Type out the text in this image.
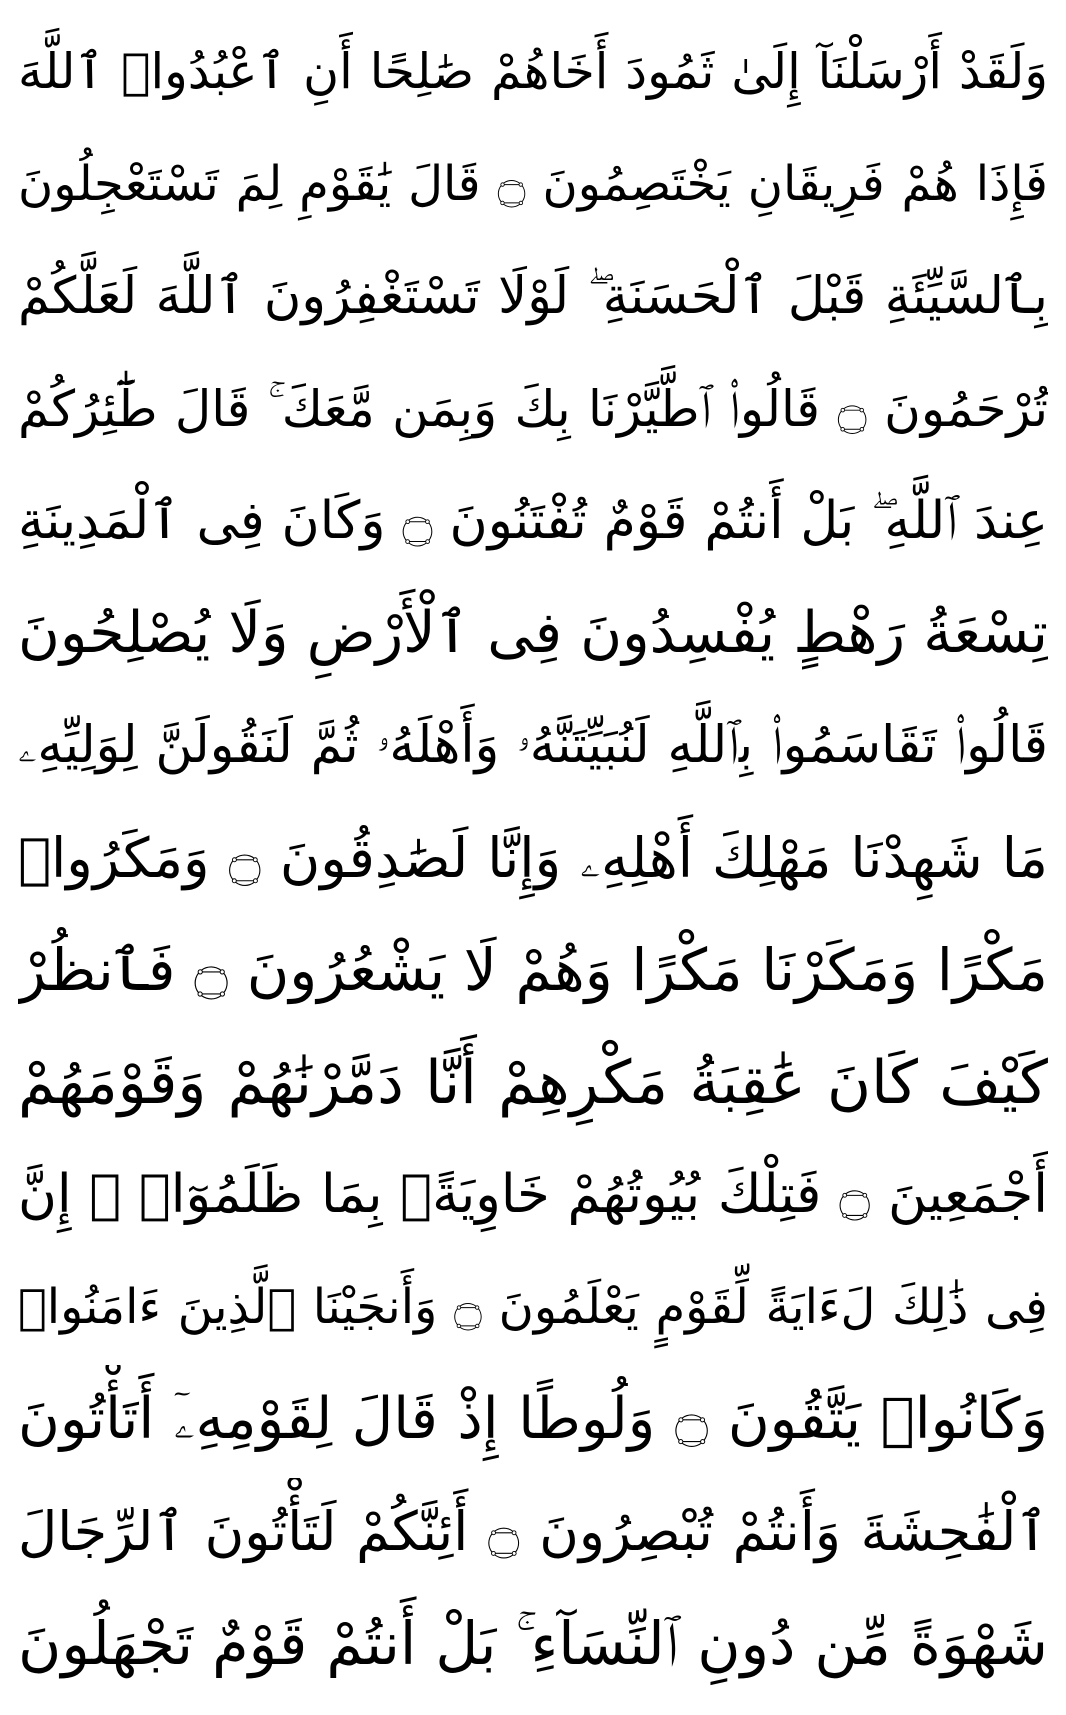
وَلَقَدْ أَرْسَلْنَآ إِلَىٰ ثَمُودَ أَخَاهُمْ صَٰلِحًا أَنِ ٱعْبُدُوا۟ ٱللَّهَ
فَإِذَا هُمْ فَرِيقَانِ يَخْتَصِمُونَ ۝ قَالَ يَٰقَوْمِ لِمَ تَسْتَعْجِلُونَ
بِٱلسَّيِّئَةِ قَبْلَ ٱلْحَسَنَةِ ۖ لَوْلَا تَسْتَغْفِرُونَ ٱللَّهَ لَعَلَّكُمْ
تُرْحَمُونَ ۝ قَالُوا۟ ٱطَّيَّرْنَا بِكَ وَبِمَن مَّعَكَ ۚ قَالَ طَٰٓئِرُكُمْ
عِندَ ٱللَّهِ ۖ بَلْ أَنتُمْ قَوْمٌ تُفْتَنُونَ ۝ وَكَانَ فِى ٱلْمَدِينَةِ
تِسْعَةُ رَهْطٍ يُفْسِدُونَ فِى ٱلْأَرْضِ وَلَا يُصْلِحُونَ
قَالُوا۟ تَقَاسَمُوا۟ بِٱللَّهِ لَنُبَيِّتَنَّهُۥ وَأَهْلَهُۥ ثُمَّ لَنَقُولَنَّ لِوَلِيِّهِۦ
مَا شَهِدْنَا مَهْلِكَ أَهْلِهِۦ وَإِنَّا لَصَٰدِقُونَ ۝ وَمَكَرُوا۟
مَكْرًا وَمَكَرْنَا مَكْرًا وَهُمْ لَا يَشْعُرُونَ ۝ فَٱنظُرْ
كَيْفَ كَانَ عَٰقِبَةُ مَكْرِهِمْ أَنَّا دَمَّرْنَٰهُمْ وَقَوْمَهُمْ
أَجْمَعِينَ ۝ فَتِلْكَ بُيُوتُهُمْ خَاوِيَةًۢ بِمَا ظَلَمُوٓا۟ ۗ إِنَّ
فِى ذَٰلِكَ لَءَايَةً لِّقَوْمٍ يَعْلَمُونَ ۝ وَأَنجَيْنَا ٱلَّذِينَ ءَامَنُوا۟
وَكَانُوا۟ يَتَّقُونَ ۝ وَلُوطًا إِذْ قَالَ لِقَوْمِهِۦٓ أَتَأْتُونَ
ٱلْفَٰحِشَةَ وَأَنتُمْ تُبْصِرُونَ ۝ أَئِنَّكُمْ لَتَأْتُونَ ٱلرِّجَالَ
شَهْوَةً مِّن دُونِ ٱلنِّسَآءِ ۚ بَلْ أَنتُمْ قَوْمٌ تَجْهَلُونَ
